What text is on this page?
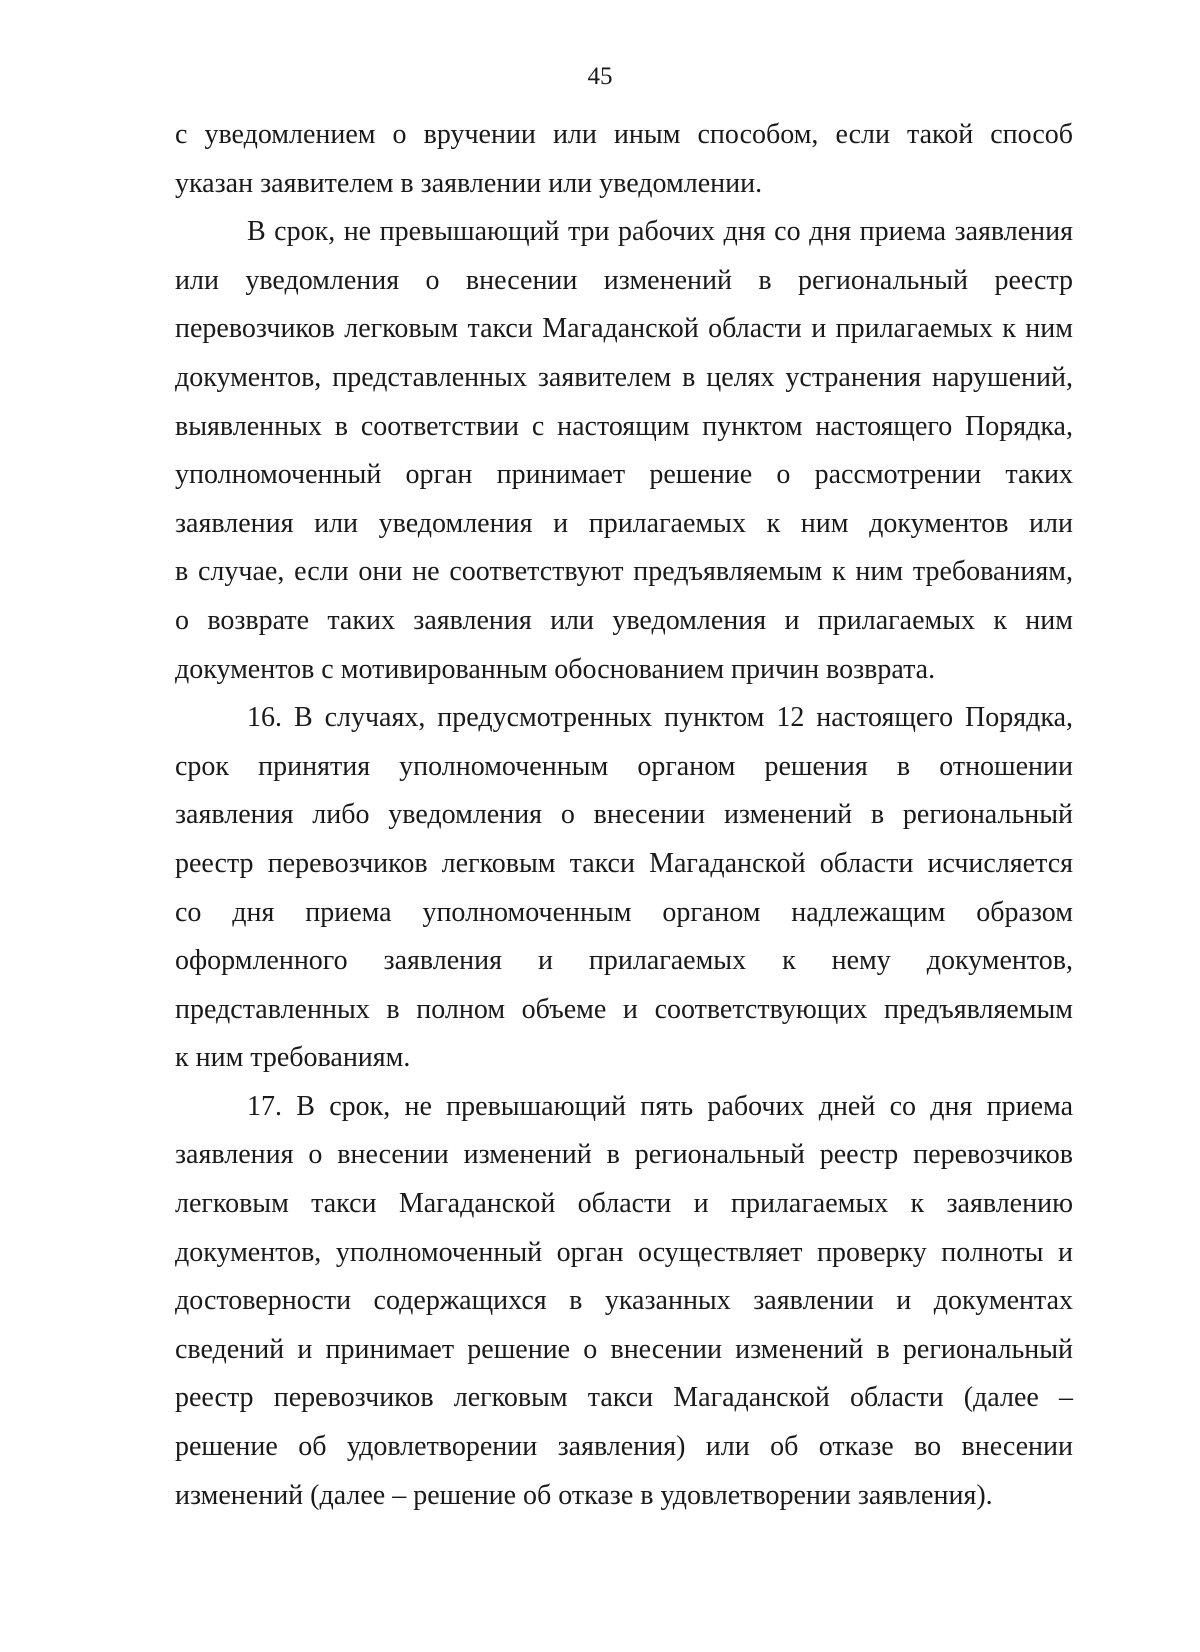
45
с уведомлением о вручении или иным способом, если такой способ
указан заявителем в заявлении или уведомлении.
В срок, не превышающий три рабочих дня со дня приема заявления
или уведомления о внесении изменений в региональный реестр
перевозчиков легковым такси Магаданской области и прилагаемых к ним
документов, представленных заявителем в целях устранения нарушений,
выявленных в соответствии с настоящим пунктом настоящего Порядка,
уполномоченный орган принимает решение о рассмотрении таких
заявления или уведомления и прилагаемых к ним документов или
в случае, если они не соответствуют предъявляемым к ним требованиям,
о возврате таких заявления или уведомления и прилагаемых к ним
документов с мотивированным обоснованием причин возврата.
16. В случаях, предусмотренных пунктом 12 настоящего Порядка,
срок принятия уполномоченным органом решения в отношении
заявления либо уведомления о внесении изменений в региональный
реестр перевозчиков легковым такси Магаданской области исчисляется
со дня приема уполномоченным органом надлежащим образом
оформленного заявления и прилагаемых к нему документов,
представленных в полном объеме и соответствующих предъявляемым
к ним требованиям.
17. В срок, не превышающий пять рабочих дней со дня приема
заявления о внесении изменений в региональный реестр перевозчиков
легковым такси Магаданской области и прилагаемых к заявлению
документов, уполномоченный орган осуществляет проверку полноты и
достоверности содержащихся в указанных заявлении и документах
сведений и принимает решение о внесении изменений в региональный
реестр перевозчиков легковым такси Магаданской области (далее –
решение об удовлетворении заявления) или об отказе во внесении
изменений (далее – решение об отказе в удовлетворении заявления).
